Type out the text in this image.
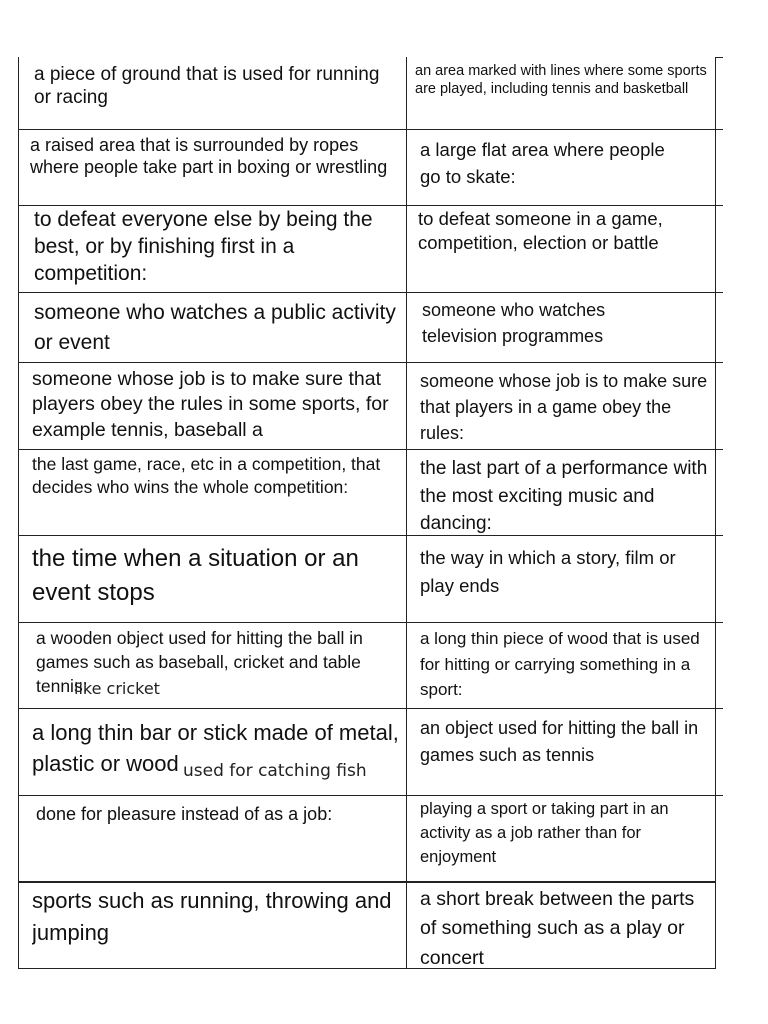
a piece of ground that is used for running or racing
an area marked with lines where some sports are played, including tennis and basketball
a raised area that is surrounded by ropes where people take part in boxing or wrestling
a large flat area where people go to skate:
to defeat everyone else by being the best, or by finishing first in a competition:
to defeat someone in a game, competition, election or battle
someone who watches a public activity or event
someone who watches television programmes
someone whose job is to make sure that players obey the rules in some sports, for example tennis, baseball a
someone whose job is to make sure that players in a game obey the rules:
the last game, race, etc in a competition, that decides who wins the whole competition:
the last part of a performance with the most exciting music and dancing:
the time when a situation or an event stops
the way in which a story, film or play ends
a wooden object used for hitting the ball in games such as baseball, cricket and table tennis:
a long thin piece of wood that is used for hitting or carrying something in a sport:
a long thin bar or stick made of metal, plastic or wood
an object used for hitting the ball in games such as tennis
done for pleasure instead of as a job:	playing a sport or taking part in an activity as a job rather than for enjoyment
sports such as running, throwing and jumping
a short break between the parts of something such as a play or concert
like cricket
used for catching fish
